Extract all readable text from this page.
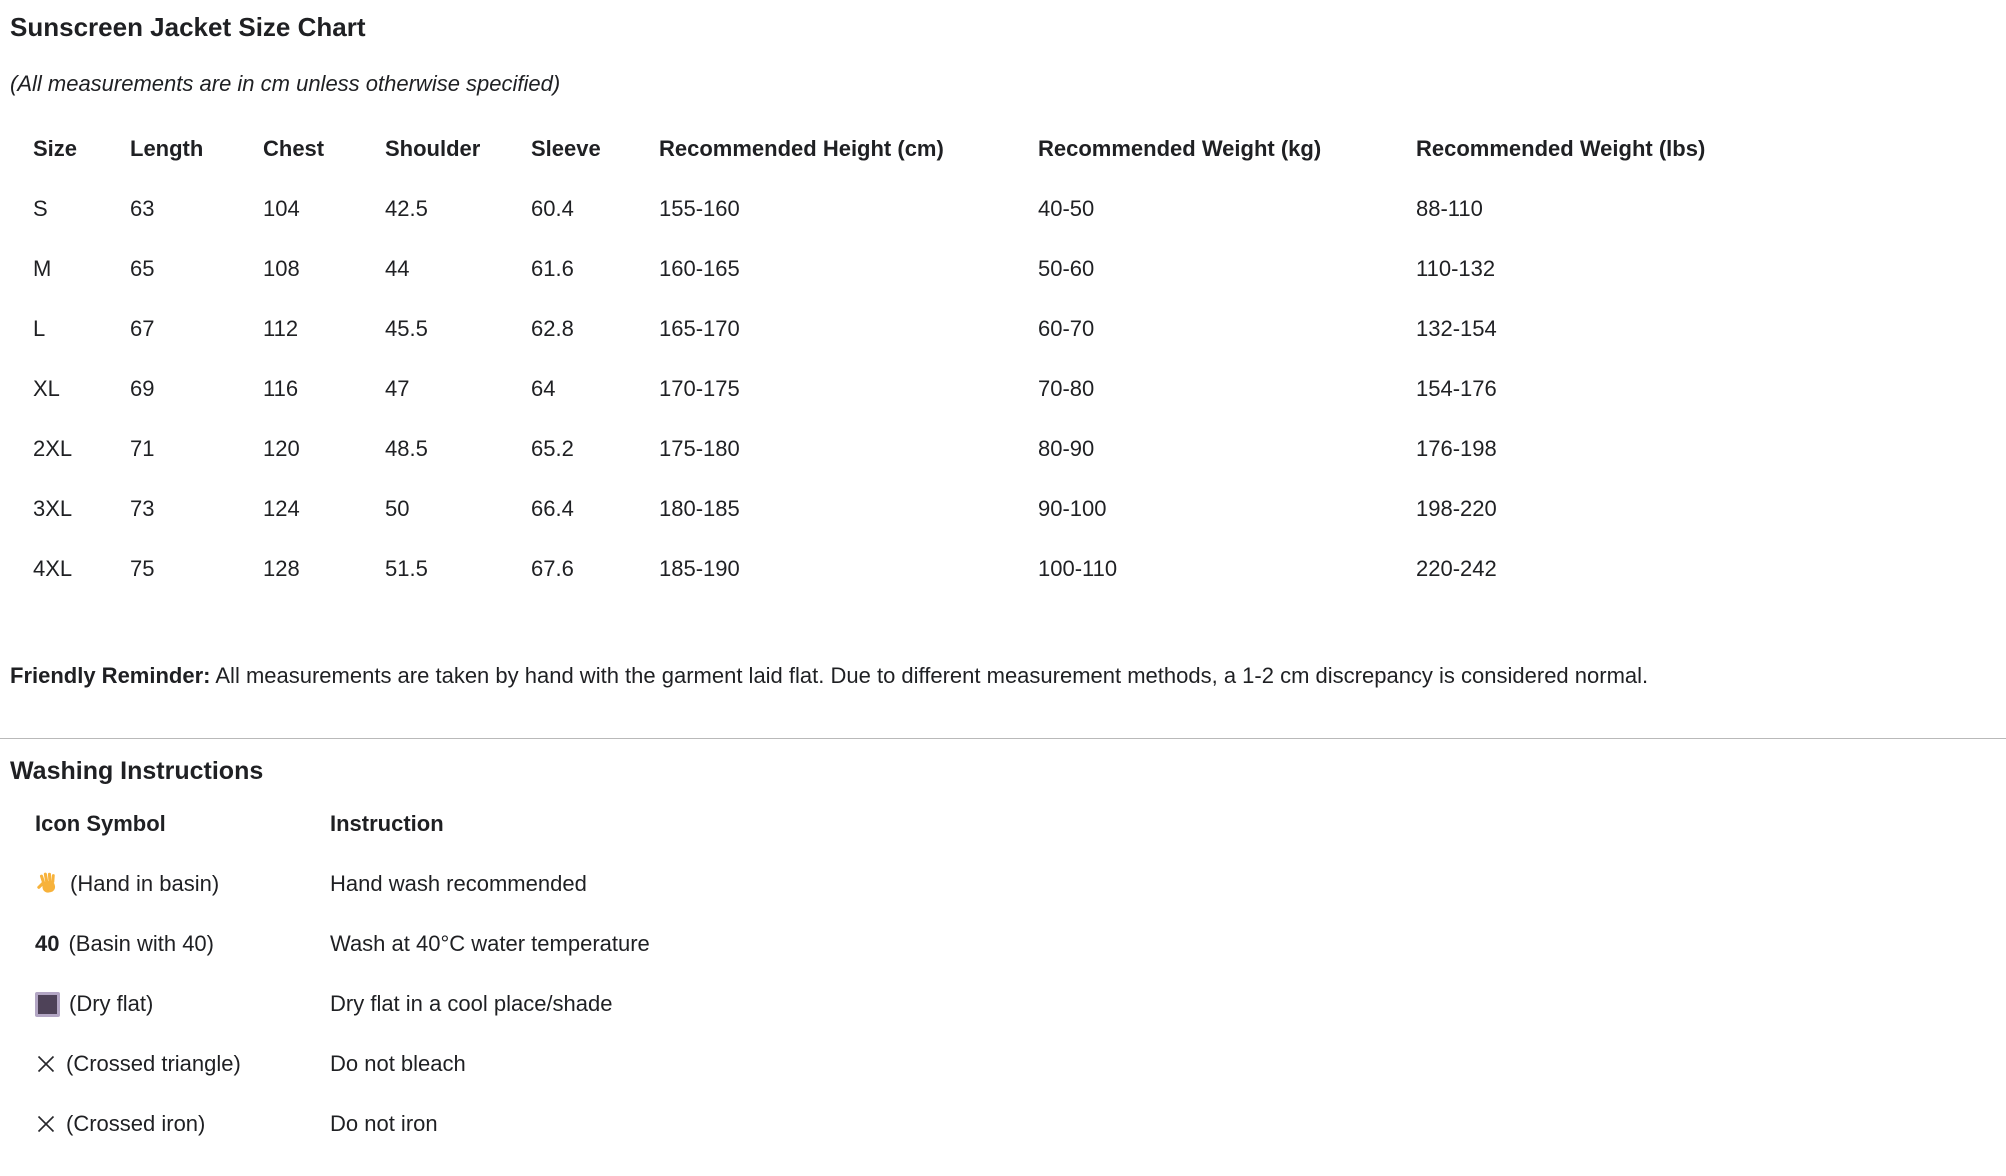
Sunscreen Jacket Size Chart

(All measurements are in cm unless otherwise specified)

Size	Length	Chest	Shoulder	Sleeve	Recommended Height (cm)	Recommended Weight (kg)	Recommended Weight (lbs)
S	63	104	42.5	60.4	155-160	40-50	88-110
M	65	108	44	61.6	160-165	50-60	110-132
L	67	112	45.5	62.8	165-170	60-70	132-154
XL	69	116	47	64	170-175	70-80	154-176
2XL	71	120	48.5	65.2	175-180	80-90	176-198
3XL	73	124	50	66.4	180-185	90-100	198-220
4XL	75	128	51.5	67.6	185-190	100-110	220-242

Friendly Reminder: All measurements are taken by hand with the garment laid flat. Due to different measurement methods, a 1-2 cm discrepancy is considered normal.

Washing Instructions
Icon Symbol	Instruction

(Hand in basin)	Hand wash recommended

40 (Basin with 40)	Wash at 40°C water temperature

(Dry flat)	Dry flat in a cool place/shade

(Crossed triangle)	Do not bleach

(Crossed iron)	Do not iron
